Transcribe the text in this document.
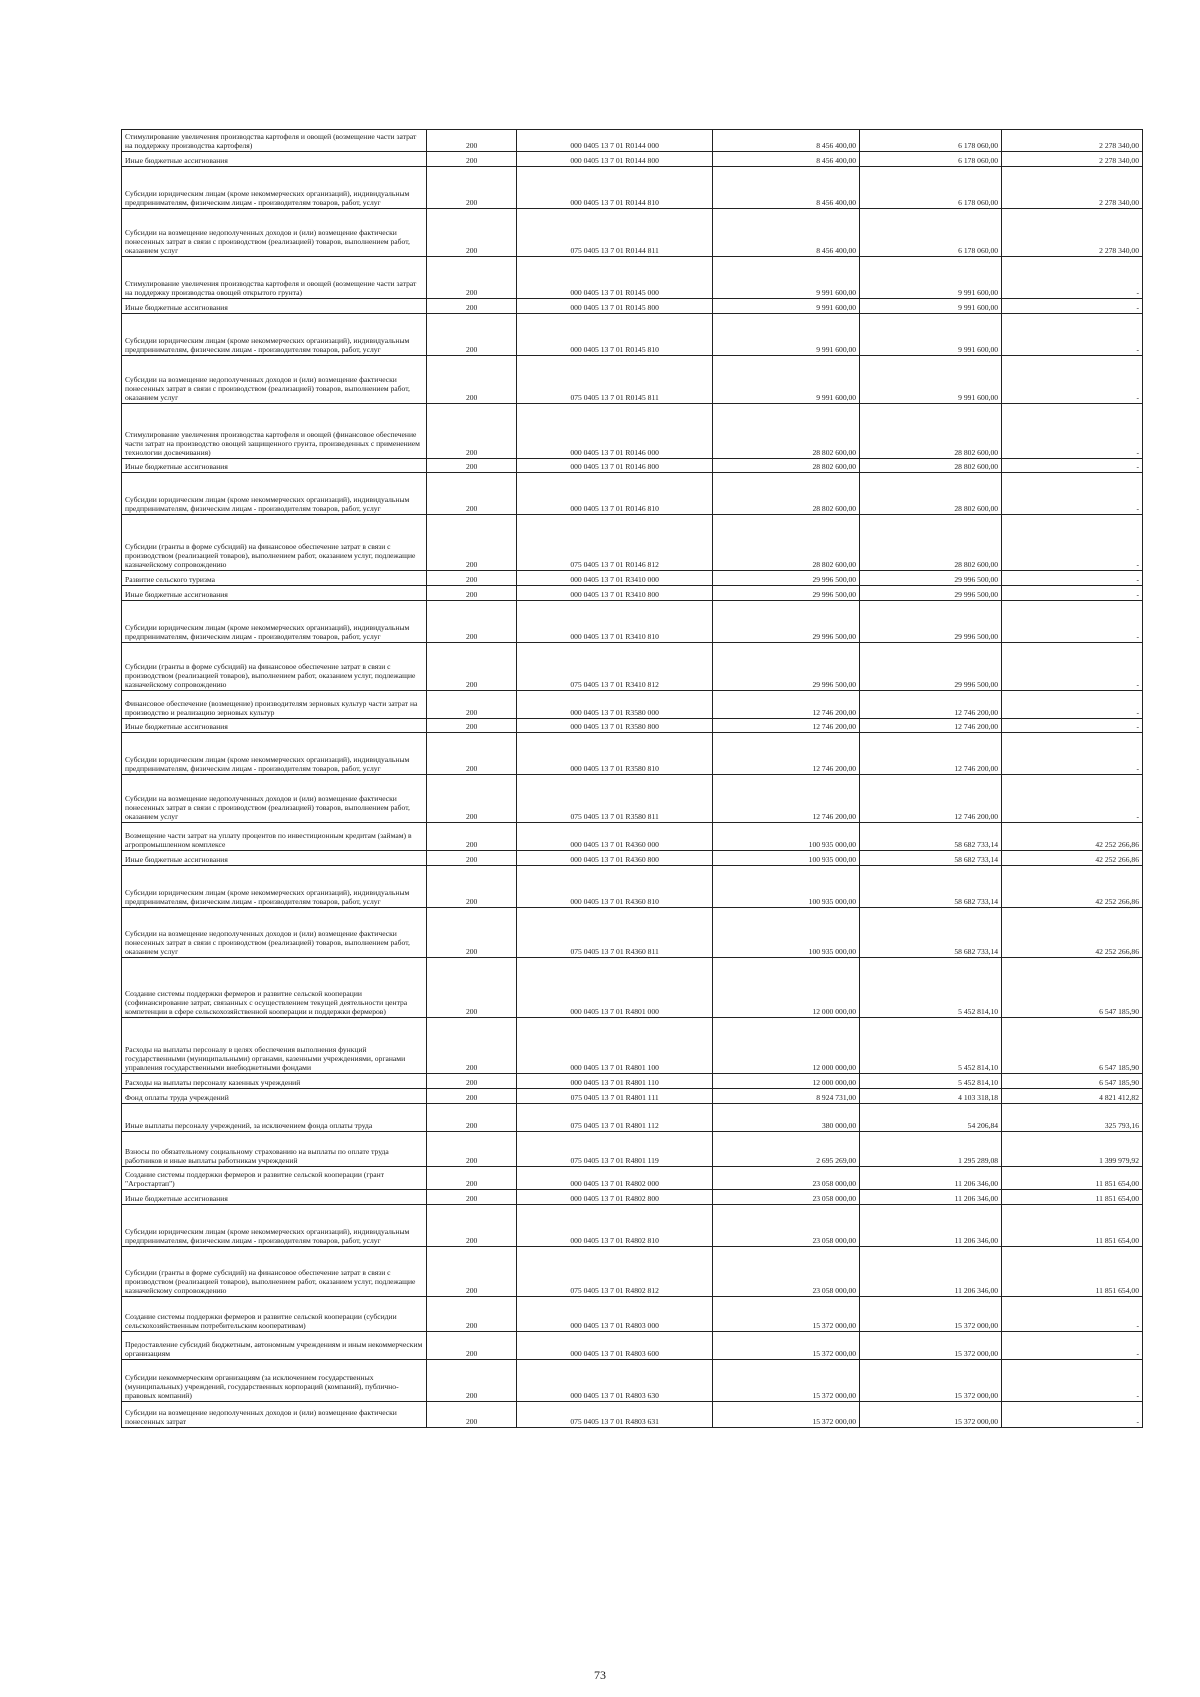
Стимулирование увеличения производства картофеля и овощей (возмещение части затрат на поддержку производства картофеля)	200	000 0405 13 7 01 R0144 000	8 456 400,00	6 178 060,00	2 278 340,00
Иные бюджетные ассигнования	200	000 0405 13 7 01 R0144 800	8 456 400,00	6 178 060,00	2 278 340,00
Субсидии юридическим лицам (кроме некоммерческих организаций), индивидуальным предпринимателям, физическим лицам - производителям товаров, работ, услуг	200	000 0405 13 7 01 R0144 810	8 456 400,00	6 178 060,00	2 278 340,00
Субсидии на возмещение недополученных доходов и (или) возмещение фактически понесенных затрат в связи с производством (реализацией) товаров, выполнением работ, оказанием услуг	200	075 0405 13 7 01 R0144 811	8 456 400,00	6 178 060,00	2 278 340,00
Стимулирование увеличения производства картофеля и овощей (возмещение части затрат на поддержку производства овощей открытого грунта)	200	000 0405 13 7 01 R0145 000	9 991 600,00	9 991 600,00	-
Иные бюджетные ассигнования	200	000 0405 13 7 01 R0145 800	9 991 600,00	9 991 600,00	-
Субсидии юридическим лицам (кроме некоммерческих организаций), индивидуальным предпринимателям, физическим лицам - производителям товаров, работ, услуг	200	000 0405 13 7 01 R0145 810	9 991 600,00	9 991 600,00	-
Субсидии на возмещение недополученных доходов и (или) возмещение фактически понесенных затрат в связи с производством (реализацией) товаров, выполнением работ, оказанием услуг	200	075 0405 13 7 01 R0145 811	9 991 600,00	9 991 600,00	-
Стимулирование увеличения производства картофеля и овощей (финансовое обеспечение части затрат на производство овощей защищенного грунта, произведенных с применением технологии досвечивания)	200	000 0405 13 7 01 R0146 000	28 802 600,00	28 802 600,00	-
Иные бюджетные ассигнования	200	000 0405 13 7 01 R0146 800	28 802 600,00	28 802 600,00	-
Субсидии юридическим лицам (кроме некоммерческих организаций), индивидуальным предпринимателям, физическим лицам - производителям товаров, работ, услуг	200	000 0405 13 7 01 R0146 810	28 802 600,00	28 802 600,00	-
Субсидии (гранты в форме субсидий) на финансовое обеспечение затрат в связи с производством (реализацией товаров), выполнением работ, оказанием услуг, подлежащие казначейскому сопровождению	200	075 0405 13 7 01 R0146 812	28 802 600,00	28 802 600,00	-
Развитие сельского туризма	200	000 0405 13 7 01 R3410 000	29 996 500,00	29 996 500,00	-
Иные бюджетные ассигнования	200	000 0405 13 7 01 R3410 800	29 996 500,00	29 996 500,00	-
Субсидии юридическим лицам (кроме некоммерческих организаций), индивидуальным предпринимателям, физическим лицам - производителям товаров, работ, услуг	200	000 0405 13 7 01 R3410 810	29 996 500,00	29 996 500,00	-
Субсидии (гранты в форме субсидий) на финансовое обеспечение затрат в связи с производством (реализацией товаров), выполнением работ, оказанием услуг, подлежащие казначейскому сопровождению	200	075 0405 13 7 01 R3410 812	29 996 500,00	29 996 500,00	-
Финансовое обеспечение (возмещение) производителям зерновых культур части затрат на производство и реализацию зерновых культур	200	000 0405 13 7 01 R3580 000	12 746 200,00	12 746 200,00	-
Иные бюджетные ассигнования	200	000 0405 13 7 01 R3580 800	12 746 200,00	12 746 200,00	-
Субсидии юридическим лицам (кроме некоммерческих организаций), индивидуальным предпринимателям, физическим лицам - производителям товаров, работ, услуг	200	000 0405 13 7 01 R3580 810	12 746 200,00	12 746 200,00	-
Субсидии на возмещение недополученных доходов и (или) возмещение фактически понесенных затрат в связи с производством (реализацией) товаров, выполнением работ, оказанием услуг	200	075 0405 13 7 01 R3580 811	12 746 200,00	12 746 200,00	-
Возмещение части затрат на уплату процентов по инвестиционным кредитам (займам) в агропромышленном комплексе	200	000 0405 13 7 01 R4360 000	100 935 000,00	58 682 733,14	42 252 266,86
Иные бюджетные ассигнования	200	000 0405 13 7 01 R4360 800	100 935 000,00	58 682 733,14	42 252 266,86
Субсидии юридическим лицам (кроме некоммерческих организаций), индивидуальным предпринимателям, физическим лицам - производителям товаров, работ, услуг	200	000 0405 13 7 01 R4360 810	100 935 000,00	58 682 733,14	42 252 266,86
Субсидии на возмещение недополученных доходов и (или) возмещение фактически понесенных затрат в связи с производством (реализацией) товаров, выполнением работ, оказанием услуг	200	075 0405 13 7 01 R4360 811	100 935 000,00	58 682 733,14	42 252 266,86
Создание системы поддержки фермеров и развитие сельской кооперации (софинансирование затрат, связанных с осуществлением текущей деятельности центра компетенции в сфере сельскохозяйственной кооперации и поддержки фермеров)	200	000 0405 13 7 01 R4801 000	12 000 000,00	5 452 814,10	6 547 185,90
Расходы на выплаты персоналу в целях обеспечения выполнения функций государственными (муниципальными) органами, казенными учреждениями, органами управления государственными внебюджетными фондами	200	000 0405 13 7 01 R4801 100	12 000 000,00	5 452 814,10	6 547 185,90
Расходы на выплаты персоналу казенных учреждений	200	000 0405 13 7 01 R4801 110	12 000 000,00	5 452 814,10	6 547 185,90
Фонд оплаты труда учреждений	200	075 0405 13 7 01 R4801 111	8 924 731,00	4 103 318,18	4 821 412,82
Иные выплаты персоналу учреждений, за исключением фонда оплаты труда	200	075 0405 13 7 01 R4801 112	380 000,00	54 206,84	325 793,16
Взносы по обязательному социальному страхованию на выплаты по оплате труда работников и иные выплаты работникам учреждений	200	075 0405 13 7 01 R4801 119	2 695 269,00	1 295 289,08	1 399 979,92
Создание системы поддержки фермеров и развитие сельской кооперации (грант "Агростартап")	200	000 0405 13 7 01 R4802 000	23 058 000,00	11 206 346,00	11 851 654,00
Иные бюджетные ассигнования	200	000 0405 13 7 01 R4802 800	23 058 000,00	11 206 346,00	11 851 654,00
Субсидии юридическим лицам (кроме некоммерческих организаций), индивидуальным предпринимателям, физическим лицам - производителям товаров, работ, услуг	200	000 0405 13 7 01 R4802 810	23 058 000,00	11 206 346,00	11 851 654,00
Субсидии (гранты в форме субсидий) на финансовое обеспечение затрат в связи с производством (реализацией товаров), выполнением работ, оказанием услуг, подлежащие казначейскому сопровождению	200	075 0405 13 7 01 R4802 812	23 058 000,00	11 206 346,00	11 851 654,00
Создание системы поддержки фермеров и развитие сельской кооперации (субсидии сельскохозяйственным потребительским кооперативам)	200	000 0405 13 7 01 R4803 000	15 372 000,00	15 372 000,00	-
Предоставление субсидий бюджетным, автономным учреждениям и иным некоммерческим организациям	200	000 0405 13 7 01 R4803 600	15 372 000,00	15 372 000,00	-
Субсидии некоммерческим организациям (за исключением государственных (муниципальных) учреждений, государственных корпораций (компаний), публично-правовых компаний)	200	000 0405 13 7 01 R4803 630	15 372 000,00	15 372 000,00	-
Субсидии на возмещение недополученных доходов и (или) возмещение фактически понесенных затрат	200	075 0405 13 7 01 R4803 631	15 372 000,00	15 372 000,00	-
73
